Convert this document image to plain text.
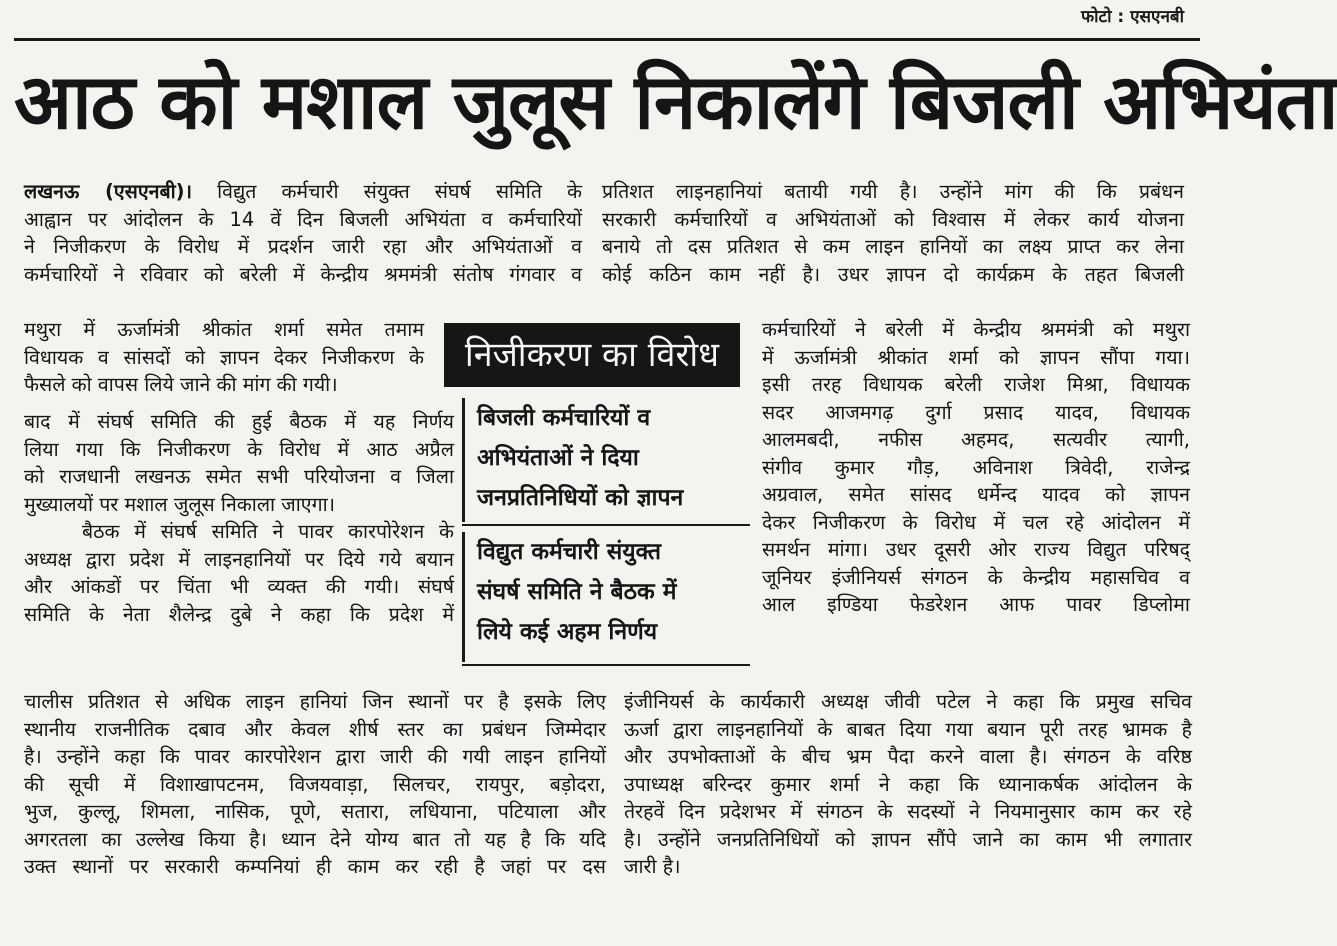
फोटो : एसएनबी
आठ को मशाल जुलूस निकालेंगे बिजली अभियंता
लखनऊ (एसएनबी)। विद्युत कर्मचारी संयुक्त संघर्ष समिति के
आह्वान पर आंदोलन के 14 वें दिन बिजली अभियंता व कर्मचारियों
ने निजीकरण के विरोध में प्रदर्शन जारी रहा और अभियंताओं व
कर्मचारियों ने रविवार को बरेली में केन्द्रीय श्रममंत्री संतोष गंगवार व
मथुरा में ऊर्जामंत्री श्रीकांत शर्मा समेत तमाम
विधायक व सांसदों को ज्ञापन देकर निजीकरण के
फैसले को वापस लिये जाने की मांग की गयी।
बाद में संघर्ष समिति की हुई बैठक में यह निर्णय
लिया गया कि निजीकरण के विरोध में आठ अप्रैल
को राजधानी लखनऊ समेत सभी परियोजना व जिला
मुख्यालयों पर मशाल जुलूस निकाला जाएगा।
बैठक में संघर्ष समिति ने पावर कारपोरेशन के
अध्यक्ष द्वारा प्रदेश में लाइनहानियों पर दिये गये बयान
और आंकडों पर चिंता भी व्यक्त की गयी। संघर्ष
समिति के नेता शैलेन्द्र दुबे ने कहा कि प्रदेश में
चालीस प्रतिशत से अधिक लाइन हानियां जिन स्थानों पर है इसके लिए
स्थानीय राजनीतिक दबाव और केवल शीर्ष स्तर का प्रबंधन जिम्मेदार
है। उन्होंने कहा कि पावर कारपोरेशन द्वारा जारी की गयी लाइन हानियों
की सूची में विशाखापटनम, विजयवाड़ा, सिलचर, रायपुर, बड़ोदरा,
भुज, कुल्लू, शिमला, नासिक, पूणे, सतारा, लधियाना, पटियाला और
अगरतला का उल्लेख किया है। ध्यान देने योग्य बात तो यह है कि यदि
उक्त स्थानों पर सरकारी कम्पनियां ही काम कर रही है जहां पर दस
निजीकरण का विरोध
बिजली कर्मचारियों व
अभियंताओं ने दिया
जनप्रतिनिधियों को ज्ञापन
विद्युत कर्मचारी संयुक्त
संघर्ष समिति ने बैठक में
लिये कई अहम निर्णय
प्रतिशत लाइनहानियां बतायी गयी है। उन्होंने मांग की कि प्रबंधन
सरकारी कर्मचारियों व अभियंताओं को विश्वास में लेकर कार्य योजना
बनाये तो दस प्रतिशत से कम लाइन हानियों का लक्ष्य प्राप्त कर लेना
कोई कठिन काम नहीं है। उधर ज्ञापन दो कार्यक्रम के तहत बिजली
कर्मचारियों ने बरेली में केन्द्रीय श्रममंत्री को मथुरा
में ऊर्जामंत्री श्रीकांत शर्मा को ज्ञापन सौंपा गया।
इसी तरह विधायक बरेली राजेश मिश्रा, विधायक
सदर आजमगढ़ दुर्गा प्रसाद यादव, विधायक
आलमबदी, नफीस अहमद, सत्यवीर त्यागी,
संगीव कुमार गौड़, अविनाश त्रिवेदी, राजेन्द्र
अग्रवाल, समेत सांसद धर्मेन्द यादव को ज्ञापन
देकर निजीकरण के विरोध में चल रहे आंदोलन में
समर्थन मांगा। उधर दूसरी ओर राज्य विद्युत परिषद्
जूनियर इंजीनियर्स संगठन के केन्द्रीय महासचिव व
आल इण्डिया फेडरेशन आफ पावर डिप्लोमा
इंजीनियर्स के कार्यकारी अध्यक्ष जीवी पटेल ने कहा कि प्रमुख सचिव
ऊर्जा द्वारा लाइनहानियों के बाबत दिया गया बयान पूरी तरह भ्रामक है
और उपभोक्ताओं के बीच भ्रम पैदा करने वाला है। संगठन के वरिष्ठ
उपाध्यक्ष बरिन्दर कुमार शर्मा ने कहा कि ध्यानाकर्षक आंदोलन के
तेरहवें दिन प्रदेशभर में संगठन के सदस्यों ने नियमानुसार काम कर रहे
है। उन्होंने जनप्रतिनिधियों को ज्ञापन सौंपे जाने का काम भी लगातार
जारी है।
